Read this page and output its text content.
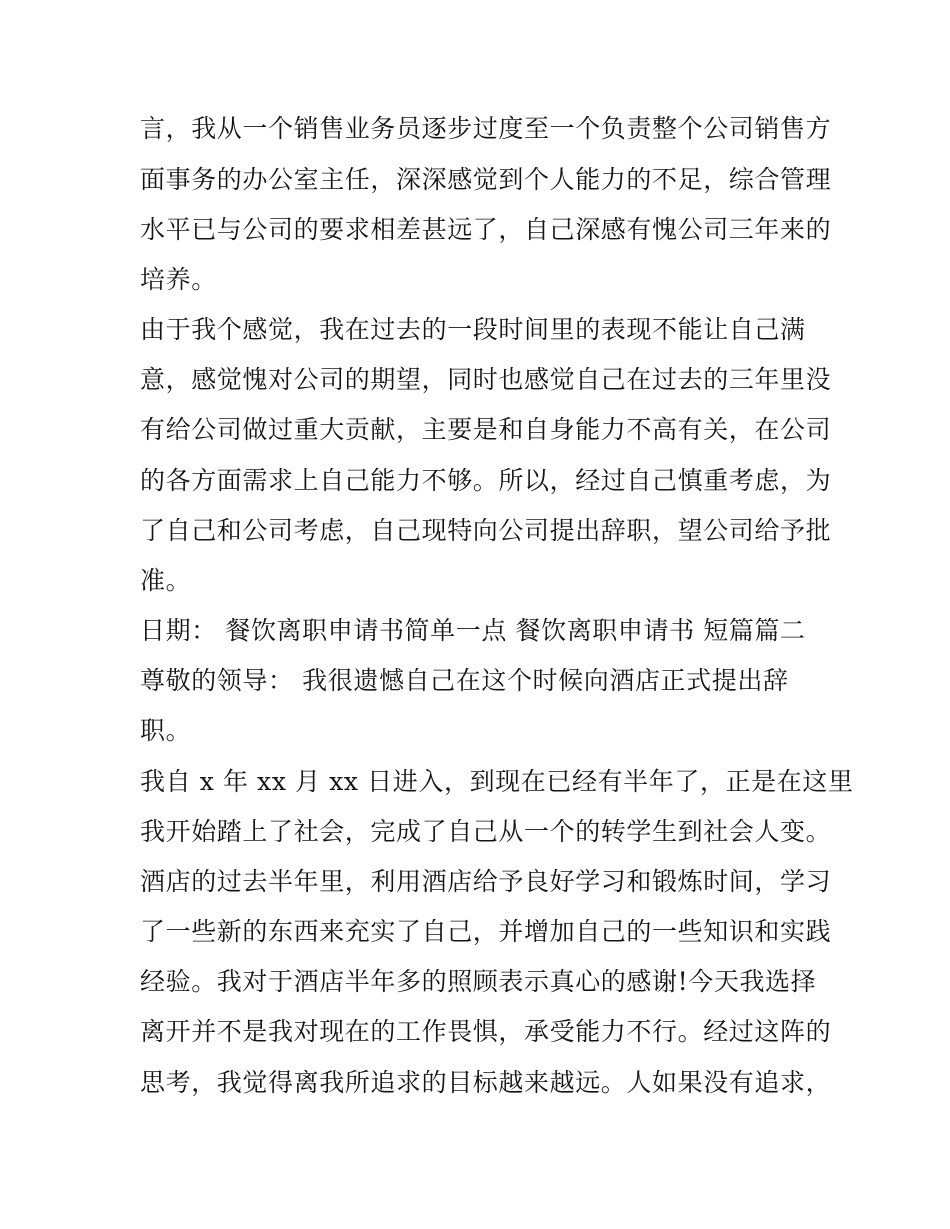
言，我从一个销售业务员逐步过度至一个负责整个公司销售方
面事务的办公室主任，深深感觉到个人能力的不足，综合管理
水平已与公司的要求相差甚远了，自己深感有愧公司三年来的
培养。
由于我个感觉，我在过去的一段时间里的表现不能让自己满
意，感觉愧对公司的期望，同时也感觉自己在过去的三年里没
有给公司做过重大贡献，主要是和自身能力不高有关，在公司
的各方面需求上自己能力不够。所以，经过自己慎重考虑，为
了自己和公司考虑，自己现特向公司提出辞职，望公司给予批
准。
日期： 餐饮离职申请书简单一点 餐饮离职申请书 短篇篇二
尊敬的领导： 我很遗憾自己在这个时候向酒店正式提出辞
职。
我自 x 年 xx 月 xx 日进入，到现在已经有半年了，正是在这里
我开始踏上了社会，完成了自己从一个的转学生到社会人变。
酒店的过去半年里，利用酒店给予良好学习和锻炼时间，学习
了一些新的东西来充实了自己，并增加自己的一些知识和实践
经验。我对于酒店半年多的照顾表示真心的感谢!今天我选择
离开并不是我对现在的工作畏惧，承受能力不行。经过这阵的
思考，我觉得离我所追求的目标越来越远。人如果没有追求，
